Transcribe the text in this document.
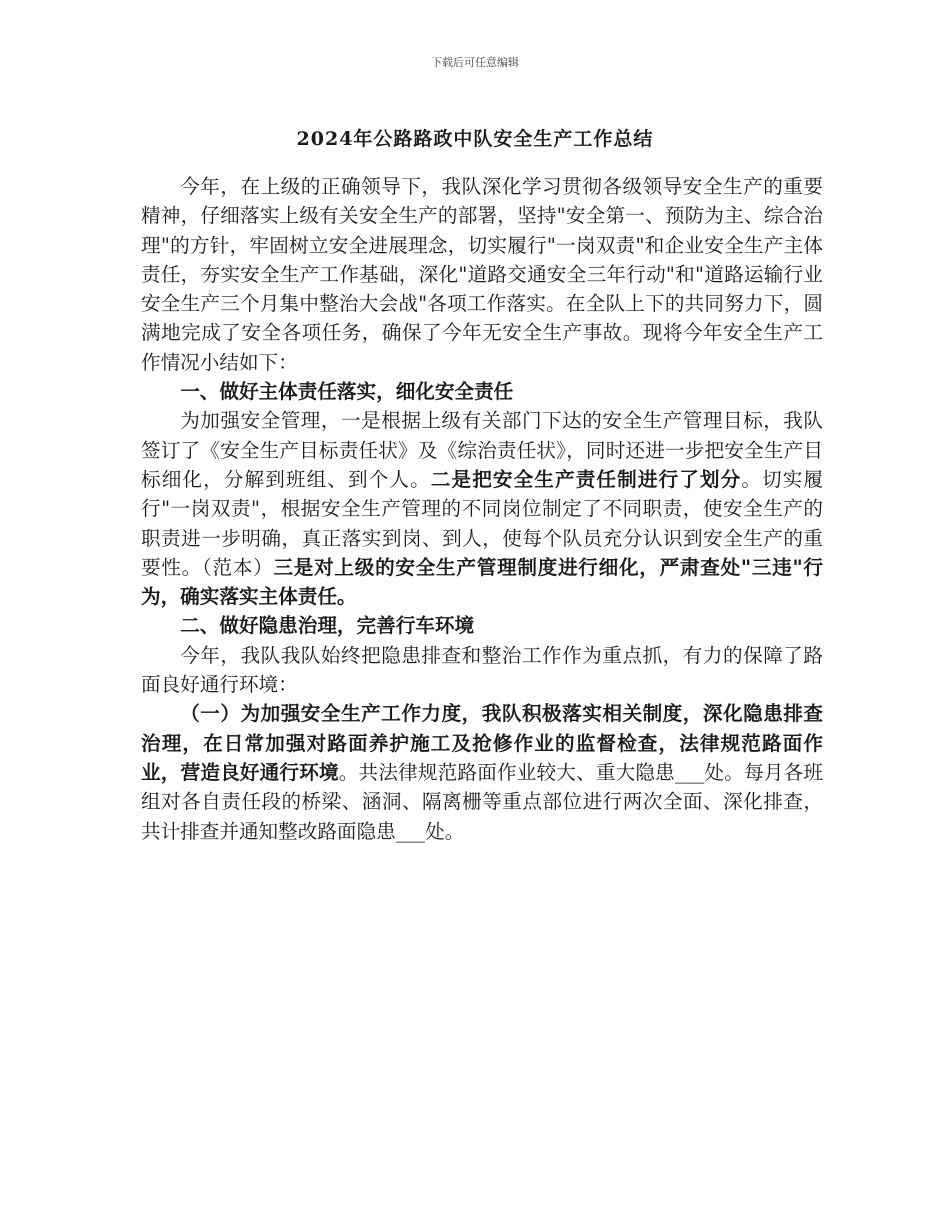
下载后可任意编辑
2024年公路路政中队安全生产工作总结

今年，在上级的正确领导下，我队深化学习贯彻各级领导安全生产的重要精神，仔细落实上级有关安全生产的部署，坚持"安全第一、预防为主、综合治理"的方针，牢固树立安全进展理念，切实履行"一岗双责"和企业安全生产主体责任，夯实安全生产工作基础，深化"道路交通安全三年行动"和"道路运输行业安全生产三个月集中整治大会战"各项工作落实。在全队上下的共同努力下，圆满地完成了安全各项任务，确保了今年无安全生产事故。现将今年安全生产工作情况小结如下：

一、做好主体责任落实，细化安全责任

为加强安全管理，一是根据上级有关部门下达的安全生产管理目标，我队签订了《安全生产目标责任状》及《综治责任状》，同时还进一步把安全生产目标细化，分解到班组、到个人。二是把安全生产责任制进行了划分。切实履行"一岗双责"，根据安全生产管理的不同岗位制定了不同职责，使安全生产的职责进一步明确，真正落实到岗、到人，使每个队员充分认识到安全生产的重要性。（范本）三是对上级的安全生产管理制度进行细化，严肃查处"三违"行为，确实落实主体责任。

二、做好隐患治理，完善行车环境

今年，我队我队始终把隐患排查和整治工作作为重点抓，有力的保障了路面良好通行环境：

（一）为加强安全生产工作力度，我队积极落实相关制度，深化隐患排查治理，在日常加强对路面养护施工及抢修作业的监督检查，法律规范路面作业，营造良好通行环境。共法律规范路面作业较大、重大隐患___处。每月各班组对各自责任段的桥梁、涵洞、隔离栅等重点部位进行两次全面、深化排查，共计排查并通知整改路面隐患___处。
